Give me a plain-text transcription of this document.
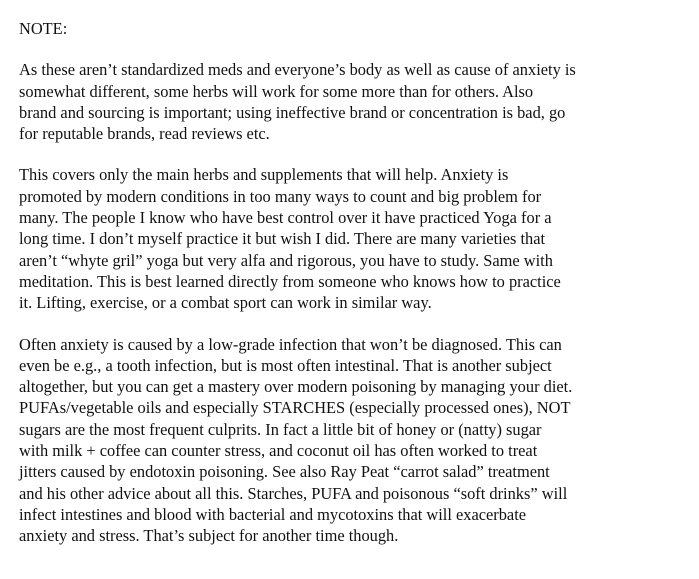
NOTE:

As these aren’t standardized meds and everyone’s body as well as cause of anxiety is
somewhat different, some herbs will work for some more than for others. Also
brand and sourcing is important; using ineffective brand or concentration is bad, go
for reputable brands, read reviews etc.

This covers only the main herbs and supplements that will help. Anxiety is
promoted by modern conditions in too many ways to count and big problem for
many. The people I know who have best control over it have practiced Yoga for a
long time. I don’t myself practice it but wish I did. There are many varieties that
aren’t “whyte gril” yoga but very alfa and rigorous, you have to study. Same with
meditation. This is best learned directly from someone who knows how to practice
it. Lifting, exercise, or a combat sport can work in similar way.

Often anxiety is caused by a low-grade infection that won’t be diagnosed. This can
even be e.g., a tooth infection, but is most often intestinal. That is another subject
altogether, but you can get a mastery over modern poisoning by managing your diet.
PUFAs/vegetable oils and especially STARCHES (especially processed ones), NOT
sugars are the most frequent culprits. In fact a little bit of honey or (natty) sugar
with milk + coffee can counter stress, and coconut oil has often worked to treat
jitters caused by endotoxin poisoning. See also Ray Peat “carrot salad” treatment
and his other advice about all this. Starches, PUFA and poisonous “soft drinks” will
infect intestines and blood with bacterial and mycotoxins that will exacerbate
anxiety and stress. That’s subject for another time though.
